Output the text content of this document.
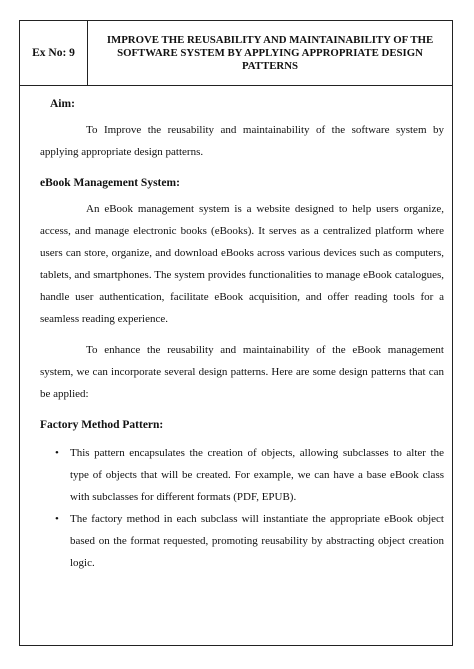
Ex No: 9
IMPROVE THE REUSABILITY AND MAINTAINABILITY OF THE SOFTWARE SYSTEM BY APPLYING APPROPRIATE DESIGN PATTERNS
Aim:

To Improve the reusability and maintainability of the software system by applying appropriate design patterns.

eBook Management System:

An eBook management system is a website designed to help users organize, access, and manage electronic books (eBooks). It serves as a centralized platform where users can store, organize, and download eBooks across various devices such as computers, tablets, and smartphones. The system provides functionalities to manage eBook catalogues, handle user authentication, facilitate eBook acquisition, and offer reading tools for a seamless reading experience.

To enhance the reusability and maintainability of the eBook management system, we can incorporate several design patterns. Here are some design patterns that can be applied:

Factory Method Pattern:
• This pattern encapsulates the creation of objects, allowing subclasses to alter the type of objects that will be created. For example, we can have a base eBook class with subclasses for different formats (PDF, EPUB).
• The factory method in each subclass will instantiate the appropriate eBook object based on the format requested, promoting reusability by abstracting object creation logic.
